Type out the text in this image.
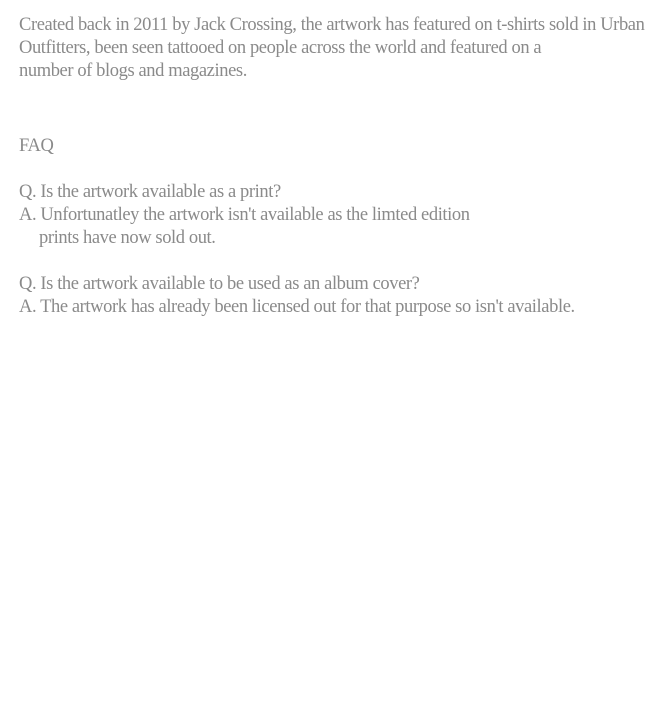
Created back in 2011 by Jack Crossing, the artwork has featured on t-shirts sold in Urban
Outfitters, been seen tattooed on people across the world and featured on a
number of blogs and magazines.

FAQ
Q. Is the artwork available as a print?
A. Unfortunatley the artwork isn't available as the limted edition
prints have now sold out.
Q. Is the artwork available to be used as an album cover?
A. The artwork has already been licensed out for that purpose so isn't available.
